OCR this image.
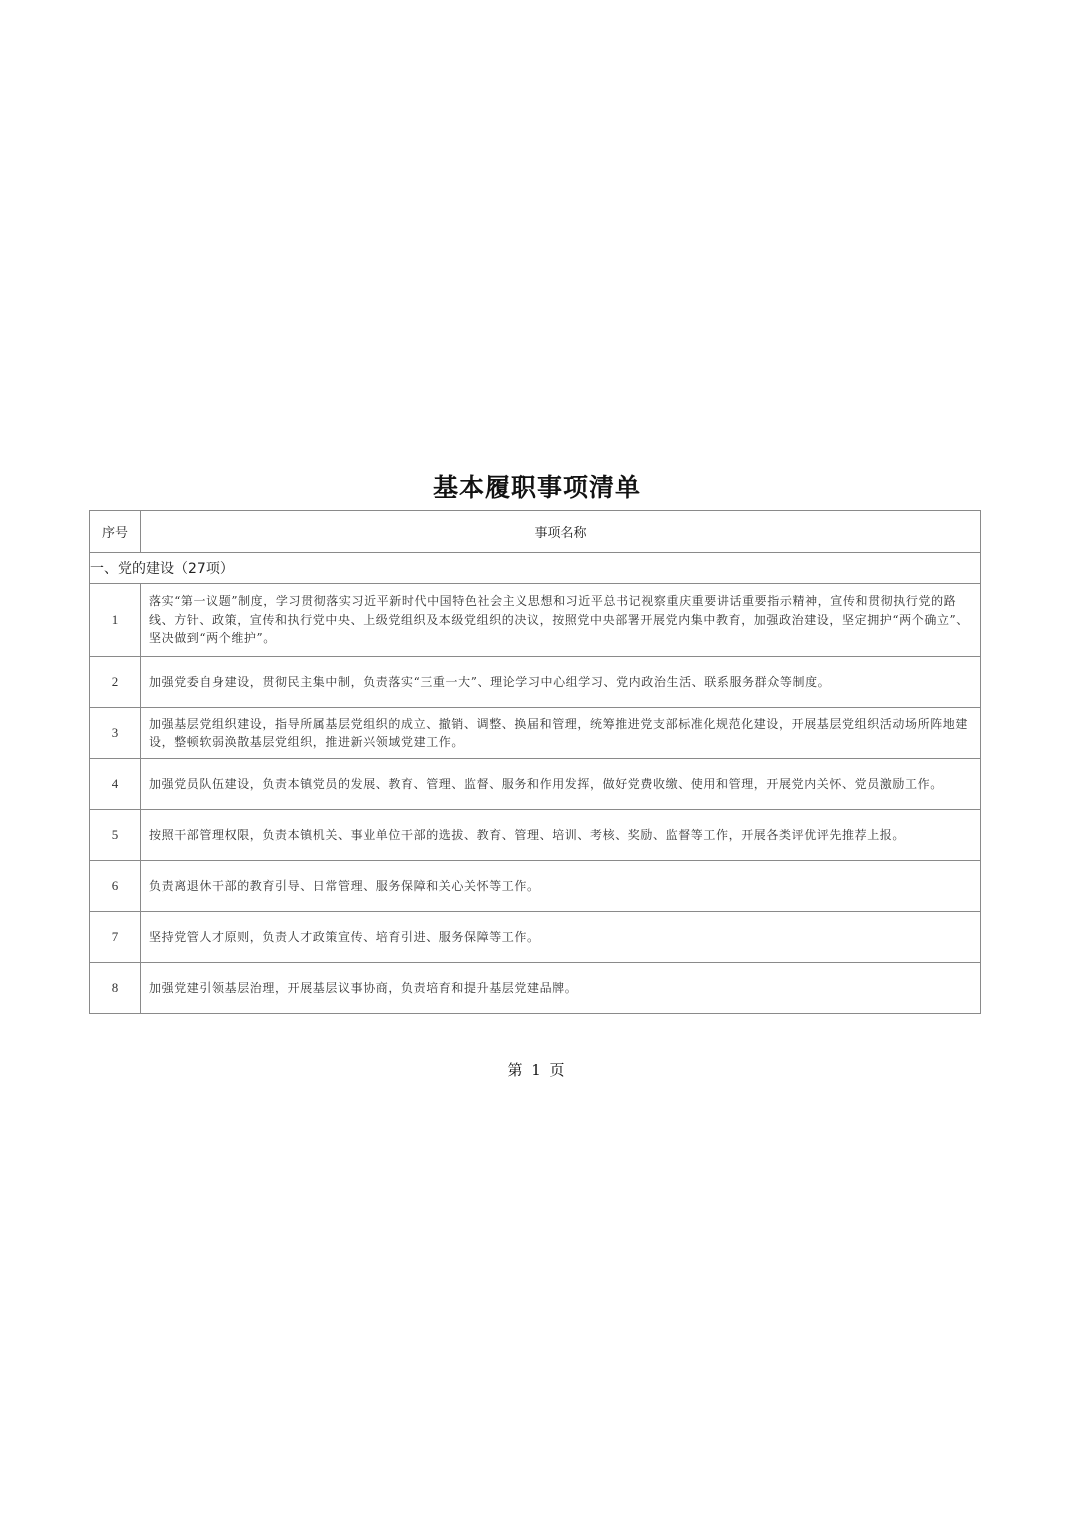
基本履职事项清单
序号	事项名称
一、党的建设（27项）	
1	落实“第一议题”制度，学习贯彻落实习近平新时代中国特色社会主义思想和习近平总书记视察重庆重要讲话重要指示精神，宣传和贯彻执行党的路线、方针、政策，宣传和执行党中央、上级党组织及本级党组织的决议，按照党中央部署开展党内集中教育，加强政治建设，坚定拥护“两个确立”、坚决做到“两个维护”。
2	加强党委自身建设，贯彻民主集中制，负责落实“三重一大”、理论学习中心组学习、党内政治生活、联系服务群众等制度。
3	加强基层党组织建设，指导所属基层党组织的成立、撤销、调整、换届和管理，统筹推进党支部标准化规范化建设，开展基层党组织活动场所阵地建设，整顿软弱涣散基层党组织，推进新兴领域党建工作。
4	加强党员队伍建设，负责本镇党员的发展、教育、管理、监督、服务和作用发挥，做好党费收缴、使用和管理，开展党内关怀、党员激励工作。
5	按照干部管理权限，负责本镇机关、事业单位干部的选拔、教育、管理、培训、考核、奖励、监督等工作，开展各类评优评先推荐上报。
6	负责离退休干部的教育引导、日常管理、服务保障和关心关怀等工作。
7	坚持党管人才原则，负责人才政策宣传、培育引进、服务保障等工作。
8	加强党建引领基层治理，开展基层议事协商，负责培育和提升基层党建品牌。
第 1 页
